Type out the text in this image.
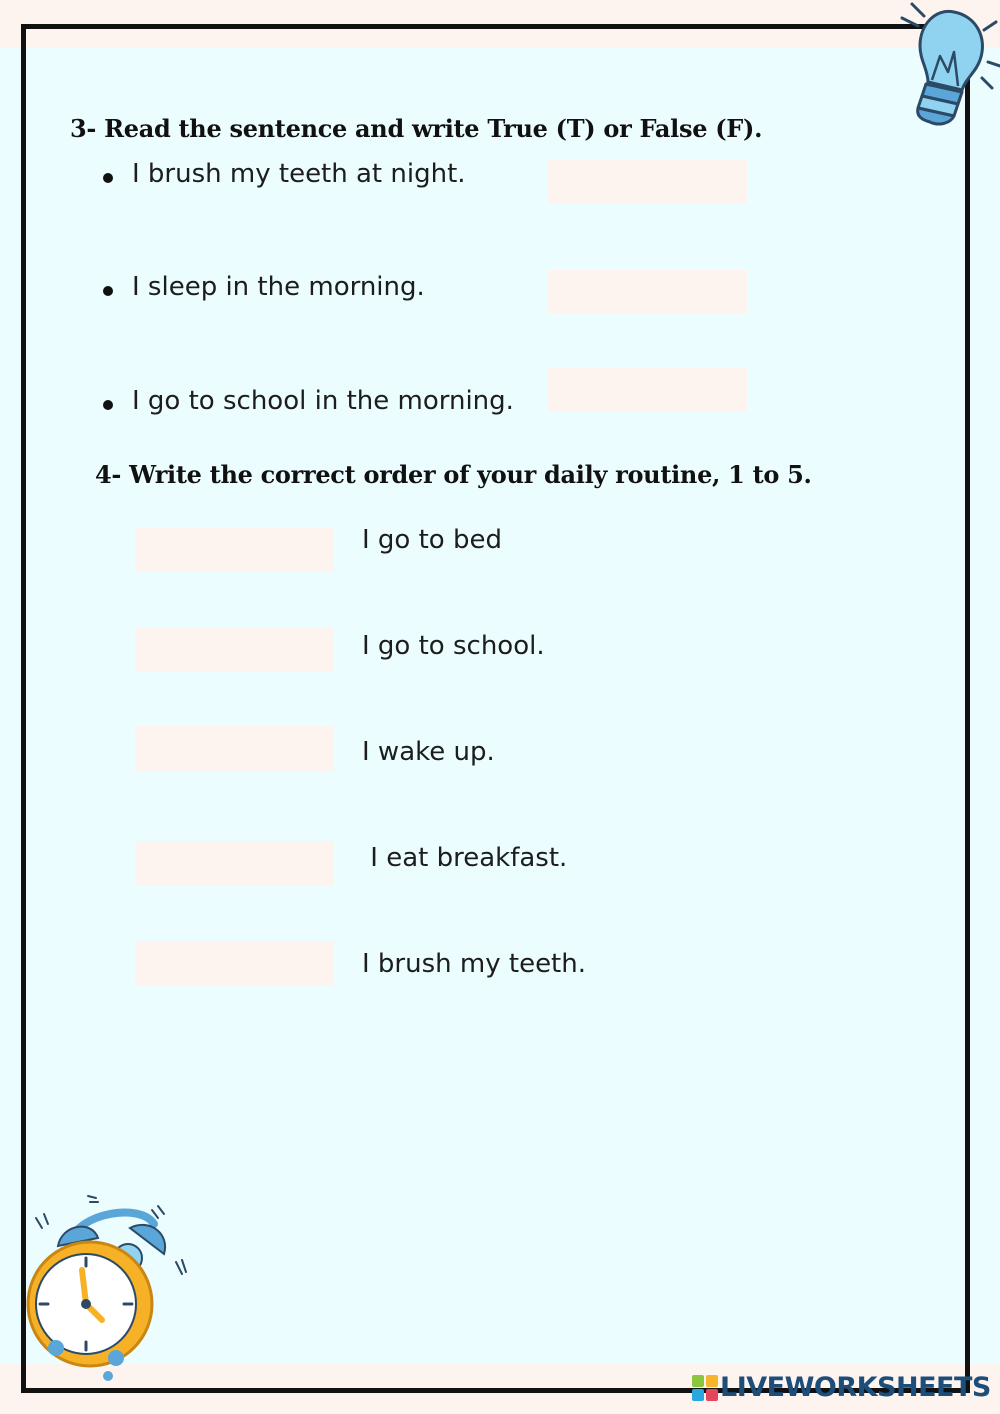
3- Read the sentence and write True (T) or False (F).
I brush my teeth at night.
I sleep in the morning.
I go to school in the morning.
4- Write the correct order of your daily routine, 1 to 5.
I go to bed
I go to school.
I wake up.
I eat breakfast.
I brush my teeth.
LIVEWORKSHEETS
